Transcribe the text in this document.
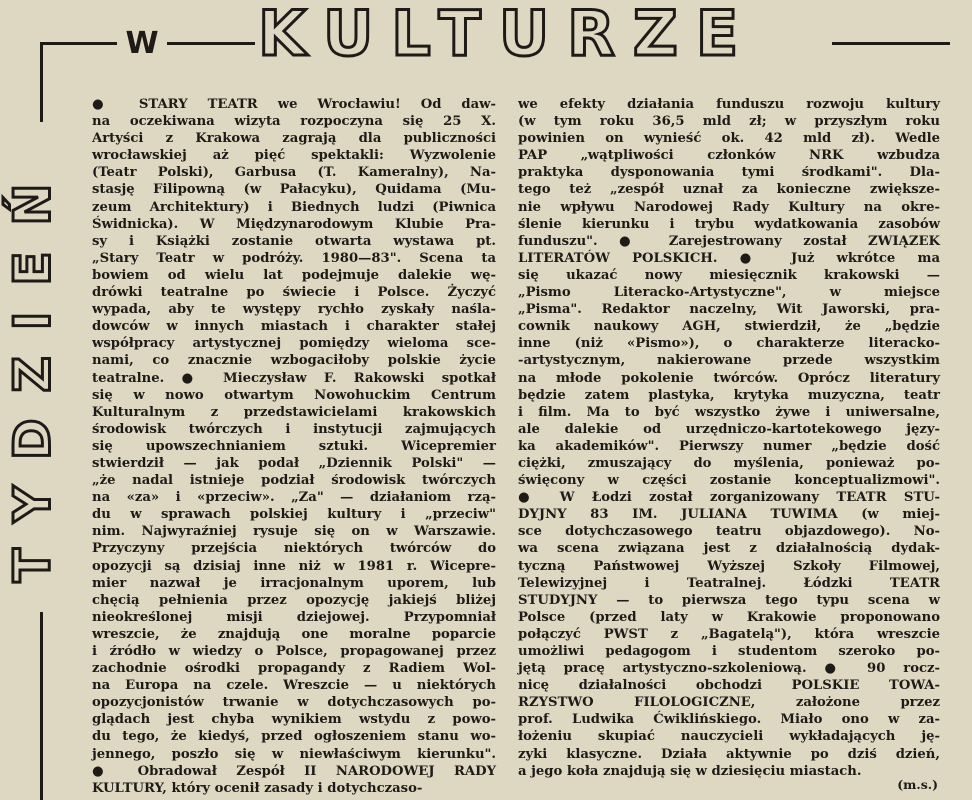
W KULTURZE
TYDZIEŃ

● STARY TEATR we Wrocławiu! Od daw-

na oczekiwana wizyta rozpoczyna się 25 X.

Artyści z Krakowa zagrają dla publiczności

wrocławskiej aż pięć spektakli: Wyzwolenie

(Teatr Polski), Garbusa (T. Kameralny), Na-

stasję Filipowną (w Pałacyku), Quidama (Mu-

zeum Architektury) i Biednych ludzi (Piwnica

Świdnicka). W Międzynarodowym Klubie Pra-

sy i Książki zostanie otwarta wystawa pt.

„Stary Teatr w podróży. 1980—83". Scena ta

bowiem od wielu lat podejmuje dalekie wę-

drówki teatralne po świecie i Polsce. Życzyć

wypada, aby te występy rychło zyskały naśla-

dowców w innych miastach i charakter stałej

współpracy artystycznej pomiędzy wieloma sce-

nami, co znacznie wzbogaciłoby polskie życie

teatralne. ● Mieczysław F. Rakowski spotkał

się w nowo otwartym Nowohuckim Centrum

Kulturalnym z przedstawicielami krakowskich

środowisk twórczych i instytucji zajmujących

się upowszechnianiem sztuki. Wicepremier

stwierdził — jak podał „Dziennik Polski" —

„że nadal istnieje podział środowisk twórczych

na «za» i «przeciw». „Za" — działaniom rzą-

du w sprawach polskiej kultury i „przeciw"

nim. Najwyraźniej rysuje się on w Warszawie.

Przyczyny przejścia niektórych twórców do

opozycji są dzisiaj inne niż w 1981 r. Wicepre-

mier nazwał je irracjonalnym uporem, lub

chęcią pełnienia przez opozycję jakiejś bliżej

nieokreślonej misji dziejowej. Przypomniał

wreszcie, że znajdują one moralne poparcie

i źródło w wiedzy o Polsce, propagowanej przez

zachodnie ośrodki propagandy z Radiem Wol-

na Europa na czele. Wreszcie — u niektórych

opozycjonistów trwanie w dotychczasowych po-

glądach jest chyba wynikiem wstydu z powo-

du tego, że kiedyś, przed ogłoszeniem stanu wo-

jennego, poszło się w niewłaściwym kierunku".

● Obradował Zespół II NARODOWEJ RADY

KULTURY, który ocenił zasady i dotychczaso-

we efekty działania funduszu rozwoju kultury

(w tym roku 36,5 mld zł; w przyszłym roku

powinien on wynieść ok. 42 mld zł). Wedle

PAP „wątpliwości członków NRK wzbudza

praktyka dysponowania tymi środkami". Dla-

tego też „zespół uznał za konieczne zwiększe-

nie wpływu Narodowej Rady Kultury na okre-

ślenie kierunku i trybu wydatkowania zasobów

funduszu". ● Zarejestrowany został ZWIĄZEK

LITERATÓW POLSKICH. ● Już wkrótce ma

się ukazać nowy miesięcznik krakowski —

„Pismo Literacko-Artystyczne", w miejsce

„Pisma". Redaktor naczelny, Wit Jaworski, pra-

cownik naukowy AGH, stwierdził, że „będzie

inne (niż «Pismo»), o charakterze literacko-

-artystycznym, nakierowane przede wszystkim

na młode pokolenie twórców. Oprócz literatury

będzie zatem plastyka, krytyka muzyczna, teatr

i film. Ma to być wszystko żywe i uniwersalne,

ale dalekie od urzędniczo-kartotekowego języ-

ka akademików". Pierwszy numer „będzie dość

ciężki, zmuszający do myślenia, ponieważ po-

święcony w części zostanie konceptualizmowi".

● W Łodzi został zorganizowany TEATR STU-

DYJNY 83 IM. JULIANA TUWIMA (w miej-

sce dotychczasowego teatru objazdowego). No-

wa scena związana jest z działalnością dydak-

tyczną Państwowej Wyższej Szkoły Filmowej,

Telewizyjnej i Teatralnej. Łódzki TEATR

STUDYJNY — to pierwsza tego typu scena w

Polsce (przed laty w Krakowie proponowano

połączyć PWST z „Bagatelą"), która wreszcie

umożliwi pedagogom i studentom szeroko po-

jętą pracę artystyczno-szkoleniową. ● 90 rocz-

nicę działalności obchodzi POLSKIE TOWA-

RZYSTWO FILOLOGICZNE, założone przez

prof. Ludwika Ćwiklińskiego. Miało ono w za-

łożeniu skupiać nauczycieli wykładających ję-

zyki klasyczne. Działa aktywnie po dziś dzień,

a jego koła znajdują się w dziesięciu miastach.

(m.s.)
